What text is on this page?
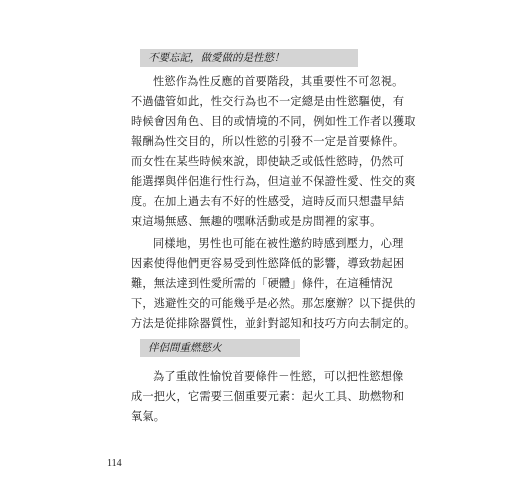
不要忘記，做愛做的是性慾！
性慾作為性反應的首要階段，其重要性不可忽視。
不過儘管如此，性交行為也不一定總是由性慾驅使，有
時候會因角色、目的或情境的不同，例如性工作者以獲取
報酬為性交目的，所以性慾的引發不一定是首要條件。
而女性在某些時候來說，即使缺乏或低性慾時，仍然可
能選擇與伴侶進行性行為，但這並不保證性愛、性交的爽
度。在加上過去有不好的性感受，這時反而只想盡早結
束這場無感、無趣的嘿咻活動或是房間裡的家事。
同樣地，男性也可能在被性邀約時感到壓力，心理
因素使得他們更容易受到性慾降低的影響，導致勃起困
難，無法達到性愛所需的「硬體」條件，在這種情況
下，逃避性交的可能幾乎是必然。那怎麼辦？以下提供的
方法是從排除器質性，並針對認知和技巧方向去制定的。
伴侶間重燃慾火
為了重啟性愉悅首要條件－性慾，可以把性慾想像
成一把火，它需要三個重要元素：起火工具、助燃物和
氧氣。
114
